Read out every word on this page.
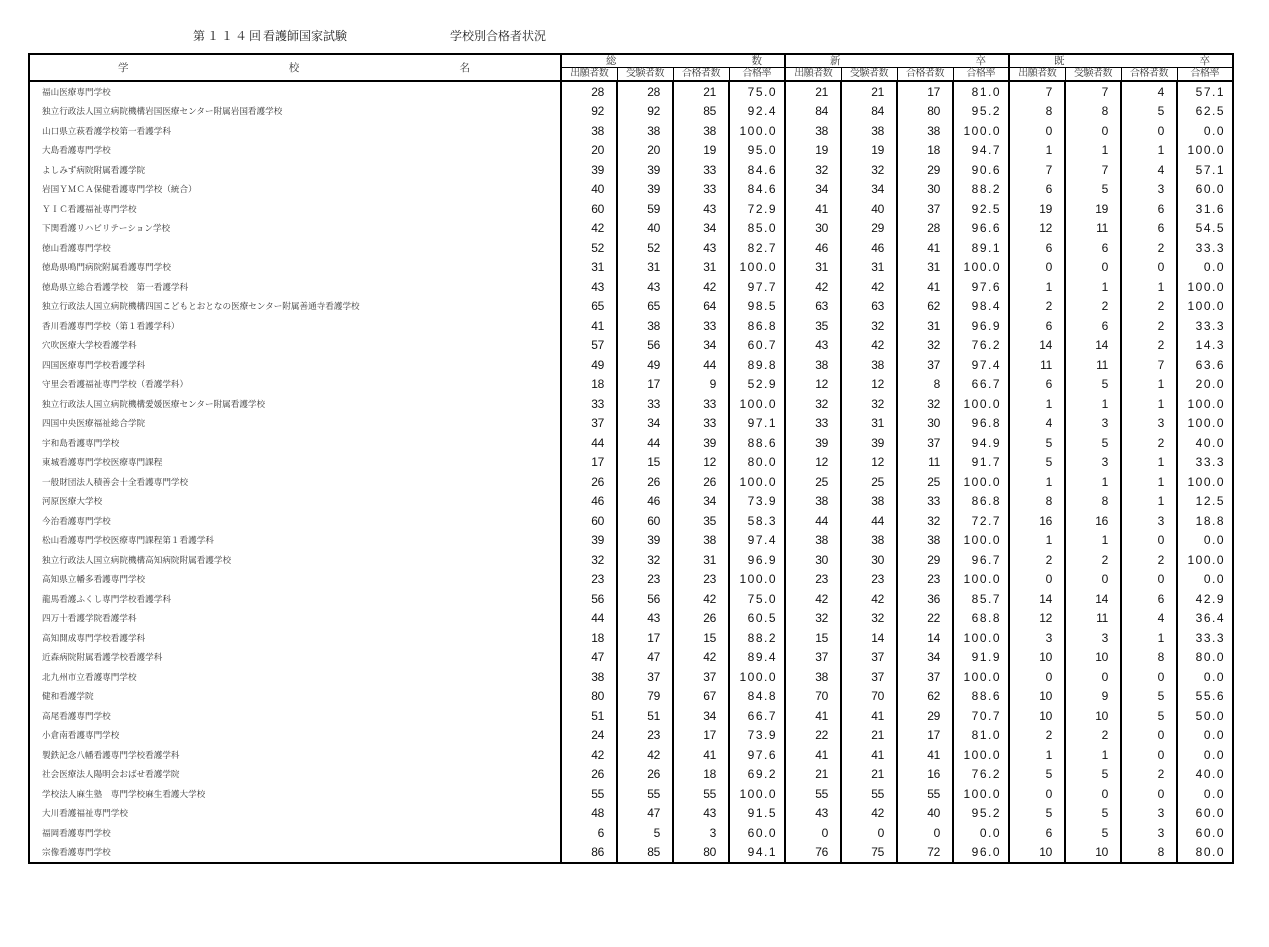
第１１４回 看護師国家試験	学校別合格者状況
学 校 名	総 数				新 卒				既 卒			

	出願者数	受験者数	合格者数	合格率	出願者数	受験者数	合格者数	合格率	出願者数	受験者数	合格者数	合格率
福山医療専門学校	28	28	21	75.0	21	21	17	81.0	7	7	4	57.1
独立行政法人国立病院機構岩国医療センター附属岩国看護学校	92	92	85	92.4	84	84	80	95.2	8	8	5	62.5
山口県立萩看護学校第一看護学科	38	38	38	100.0	38	38	38	100.0	0	0	0	0.0
大島看護専門学校	20	20	19	95.0	19	19	18	94.7	1	1	1	100.0
よしみず病院附属看護学院	39	39	33	84.6	32	32	29	90.6	7	7	4	57.1
岩国ＹＭＣＡ保健看護専門学校（統合）	40	39	33	84.6	34	34	30	88.2	6	5	3	60.0
ＹＩＣ看護福祉専門学校	60	59	43	72.9	41	40	37	92.5	19	19	6	31.6
下関看護リハビリテーション学校	42	40	34	85.0	30	29	28	96.6	12	11	6	54.5
徳山看護専門学校	52	52	43	82.7	46	46	41	89.1	6	6	2	33.3
徳島県鳴門病院附属看護専門学校	31	31	31	100.0	31	31	31	100.0	0	0	0	0.0
徳島県立総合看護学校　第一看護学科	43	43	42	97.7	42	42	41	97.6	1	1	1	100.0
独立行政法人国立病院機構四国こどもとおとなの医療センター附属善通寺看護学校	65	65	64	98.5	63	63	62	98.4	2	2	2	100.0
香川看護専門学校（第１看護学科）	41	38	33	86.8	35	32	31	96.9	6	6	2	33.3
穴吹医療大学校看護学科	57	56	34	60.7	43	42	32	76.2	14	14	2	14.3
四国医療専門学校看護学科	49	49	44	89.8	38	38	37	97.4	11	11	7	63.6
守里会看護福祉専門学校（看護学科）	18	17	9	52.9	12	12	8	66.7	6	5	1	20.0
独立行政法人国立病院機構愛媛医療センター附属看護学校	33	33	33	100.0	32	32	32	100.0	1	1	1	100.0
四国中央医療福祉総合学院	37	34	33	97.1	33	31	30	96.8	4	3	3	100.0
宇和島看護専門学校	44	44	39	88.6	39	39	37	94.9	5	5	2	40.0
東城看護専門学校医療専門課程	17	15	12	80.0	12	12	11	91.7	5	3	1	33.3
一般財団法人積善会十全看護専門学校	26	26	26	100.0	25	25	25	100.0	1	1	1	100.0
河原医療大学校	46	46	34	73.9	38	38	33	86.8	8	8	1	12.5
今治看護専門学校	60	60	35	58.3	44	44	32	72.7	16	16	3	18.8
松山看護専門学校医療専門課程第１看護学科	39	39	38	97.4	38	38	38	100.0	1	1	0	0.0
独立行政法人国立病院機構高知病院附属看護学校	32	32	31	96.9	30	30	29	96.7	2	2	2	100.0
高知県立幡多看護専門学校	23	23	23	100.0	23	23	23	100.0	0	0	0	0.0
龍馬看護ふくし専門学校看護学科	56	56	42	75.0	42	42	36	85.7	14	14	6	42.9
四万十看護学院看護学科	44	43	26	60.5	32	32	22	68.8	12	11	4	36.4
高知開成専門学校看護学科	18	17	15	88.2	15	14	14	100.0	3	3	1	33.3
近森病院附属看護学校看護学科	47	47	42	89.4	37	37	34	91.9	10	10	8	80.0
北九州市立看護専門学校	38	37	37	100.0	38	37	37	100.0	0	0	0	0.0
健和看護学院	80	79	67	84.8	70	70	62	88.6	10	9	5	55.6
高尾看護専門学校	51	51	34	66.7	41	41	29	70.7	10	10	5	50.0
小倉南看護専門学校	24	23	17	73.9	22	21	17	81.0	2	2	0	0.0
製鉄記念八幡看護専門学校看護学科	42	42	41	97.6	41	41	41	100.0	1	1	0	0.0
社会医療法人陽明会おばせ看護学院	26	26	18	69.2	21	21	16	76.2	5	5	2	40.0
学校法人麻生塾　専門学校麻生看護大学校	55	55	55	100.0	55	55	55	100.0	0	0	0	0.0
大川看護福祉専門学校	48	47	43	91.5	43	42	40	95.2	5	5	3	60.0
福岡看護専門学校	6	5	3	60.0	0	0	0	0.0	6	5	3	60.0
宗像看護専門学校	86	85	80	94.1	76	75	72	96.0	10	10	8	80.0
